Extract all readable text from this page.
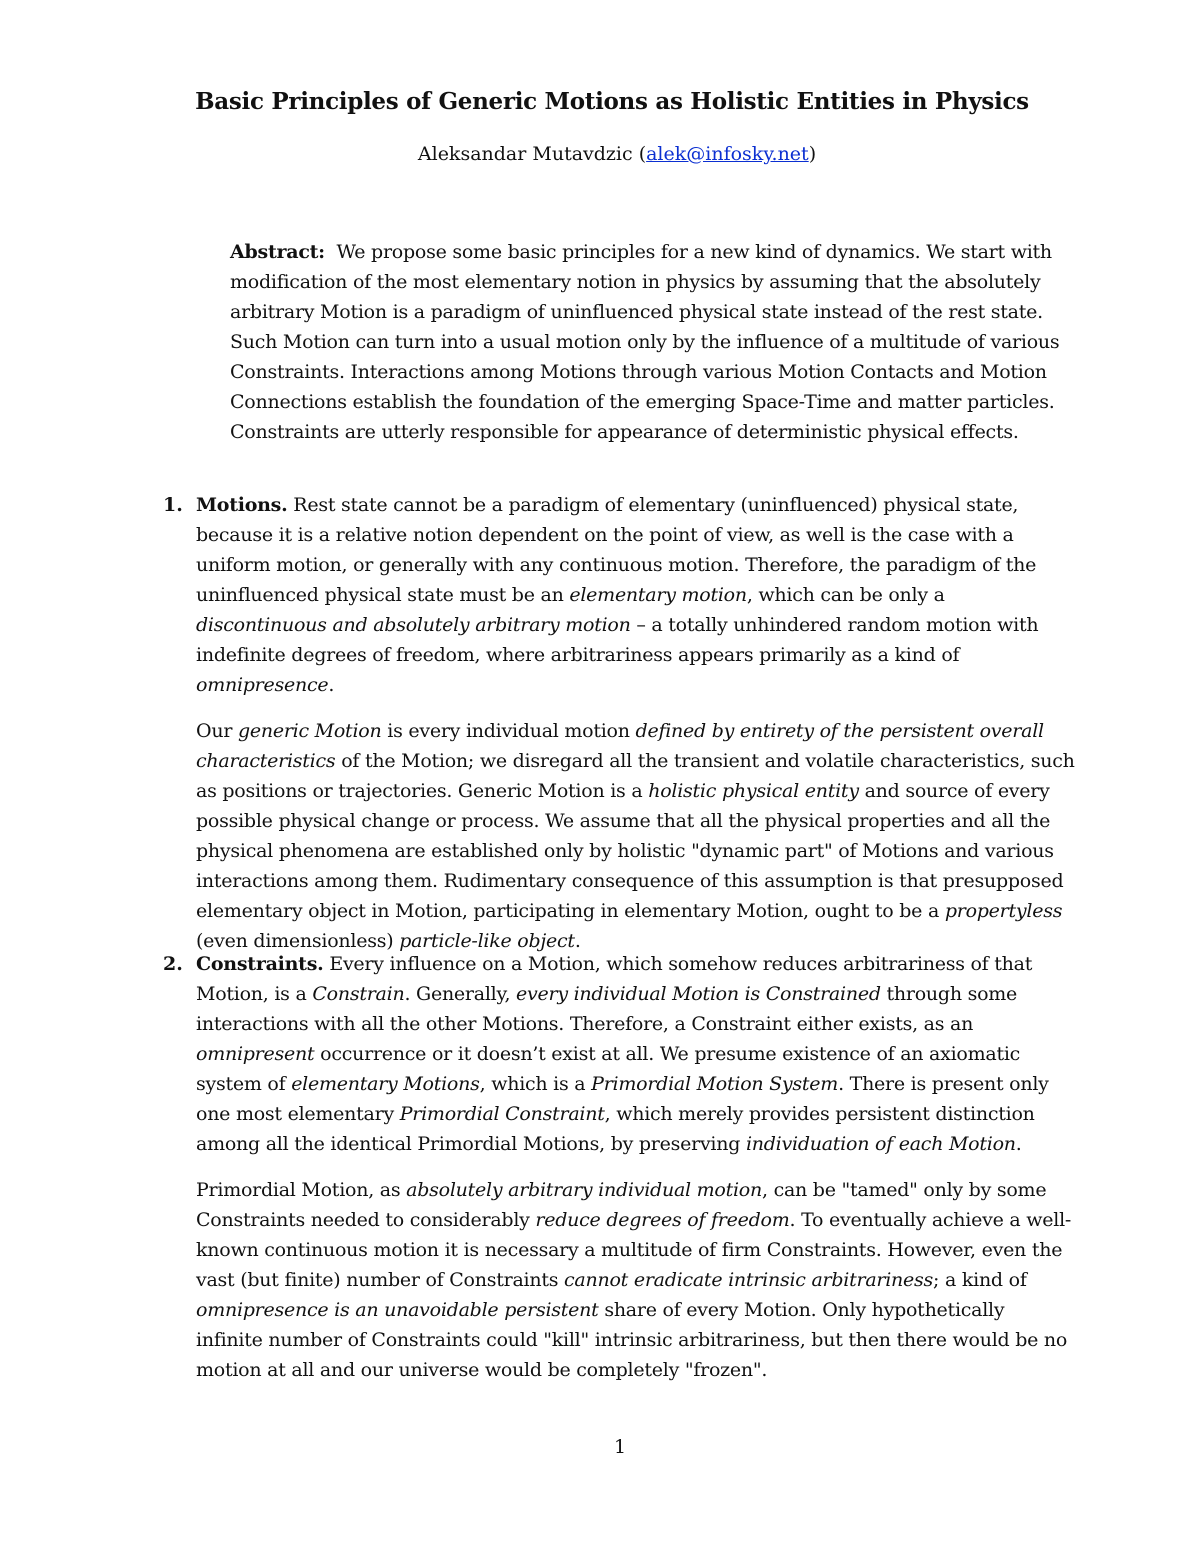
Basic Principles of Generic Motions as Holistic Entities in Physics

Aleksandar Mutavdzic (alek@infosky.net)

Abstract: We propose some basic principles for a new kind of dynamics. We start with modification of the most elementary notion in physics by assuming that the absolutely arbitrary Motion is a paradigm of uninfluenced physical state instead of the rest state. Such Motion can turn into a usual motion only by the influence of a multitude of various Constraints. Interactions among Motions through various Motion Contacts and Motion Connections establish the foundation of the emerging Space-Time and matter particles. Constraints are utterly responsible for appearance of deterministic physical effects.

1. Motions. Rest state cannot be a paradigm of elementary (uninfluenced) physical state, because it is a relative notion dependent on the point of view, as well is the case with a uniform motion, or generally with any continuous motion. Therefore, the paradigm of the uninfluenced physical state must be an elementary motion, which can be only a discontinuous and absolutely arbitrary motion – a totally unhindered random motion with indefinite degrees of freedom, where arbitrariness appears primarily as a kind of omnipresence.

Our generic Motion is every individual motion defined by entirety of the persistent overall characteristics of the Motion; we disregard all the transient and volatile characteristics, such as positions or trajectories. Generic Motion is a holistic physical entity and source of every possible physical change or process. We assume that all the physical properties and all the physical phenomena are established only by holistic "dynamic part" of Motions and various interactions among them. Rudimentary consequence of this assumption is that presupposed elementary object in Motion, participating in elementary Motion, ought to be a propertyless (even dimensionless) particle-like object.

2. Constraints. Every influence on a Motion, which somehow reduces arbitrariness of that Motion, is a Constrain. Generally, every individual Motion is Constrained through some interactions with all the other Motions. Therefore, a Constraint either exists, as an omnipresent occurrence or it doesn’t exist at all. We presume existence of an axiomatic system of elementary Motions, which is a Primordial Motion System. There is present only one most elementary Primordial Constraint, which merely provides persistent distinction among all the identical Primordial Motions, by preserving individuation of each Motion.

Primordial Motion, as absolutely arbitrary individual motion, can be "tamed" only by some Constraints needed to considerably reduce degrees of freedom. To eventually achieve a well-known continuous motion it is necessary a multitude of firm Constraints. However, even the vast (but finite) number of Constraints cannot eradicate intrinsic arbitrariness; a kind of omnipresence is an unavoidable persistent share of every Motion. Only hypothetically infinite number of Constraints could "kill" intrinsic arbitrariness, but then there would be no motion at all and our universe would be completely "frozen".

1
